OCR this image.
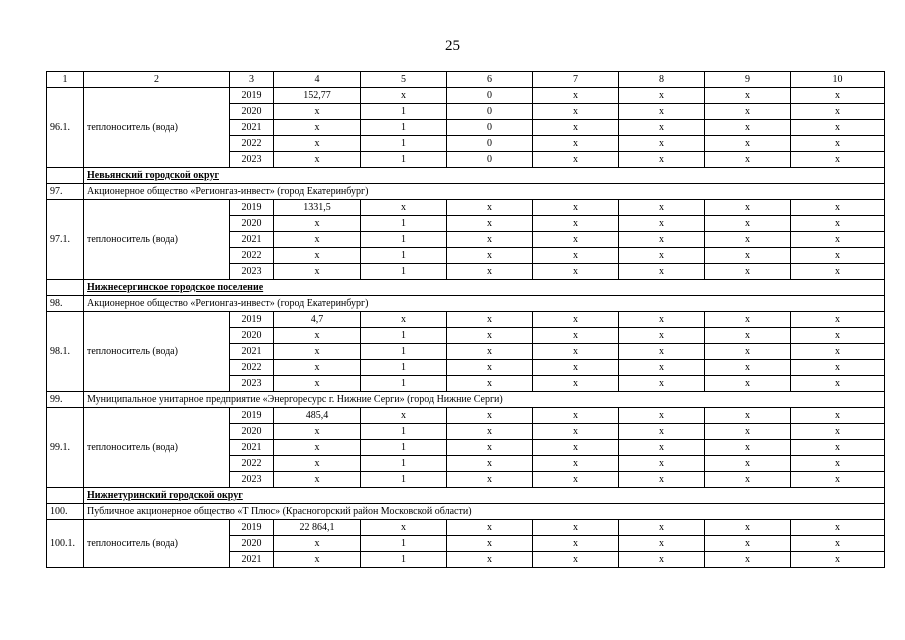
25
1	2	3	4	5	6	7	8	9	10
96.1.	теплоноситель (вода)	2019	152,77	x	0	x	x	x	x
		2020	x	1	0	x	x	x	x
		2021	x	1	0	x	x	x	x
		2022	x	1	0	x	x	x	x
		2023	x	1	0	x	x	x	x
	Невьянский городской округ								
97.	Акционерное общество «Регионгаз-инвест» (город Екатеринбург)								
97.1.	теплоноситель (вода)	2019	1331,5	x	x	x	x	x	x
		2020	x	1	x	x	x	x	x
		2021	x	1	x	x	x	x	x
		2022	x	1	x	x	x	x	x
		2023	x	1	x	x	x	x	x
	Нижнесергинское городское поселение								
98.	Акционерное общество «Регионгаз-инвест» (город Екатеринбург)								
98.1.	теплоноситель (вода)	2019	4,7	x	x	x	x	x	x
		2020	x	1	x	x	x	x	x
		2021	x	1	x	x	x	x	x
		2022	x	1	x	x	x	x	x
		2023	x	1	x	x	x	x	x
99.	Муниципальное унитарное предприятие «Энергоресурс г. Нижние Серги» (город Нижние Серги)								
99.1.	теплоноситель (вода)	2019	485,4	x	x	x	x	x	x
		2020	x	1	x	x	x	x	x
		2021	x	1	x	x	x	x	x
		2022	x	1	x	x	x	x	x
		2023	x	1	x	x	x	x	x
	Нижнетуринский городской округ								
100.	Публичное акционерное общество «Т Плюс» (Красногорский район Московской области)								
100.1.	теплоноситель (вода)	2019	22 864,1	x	x	x	x	x	x
		2020	x	1	x	x	x	x	x
		2021	x	1	x	x	x	x	x
